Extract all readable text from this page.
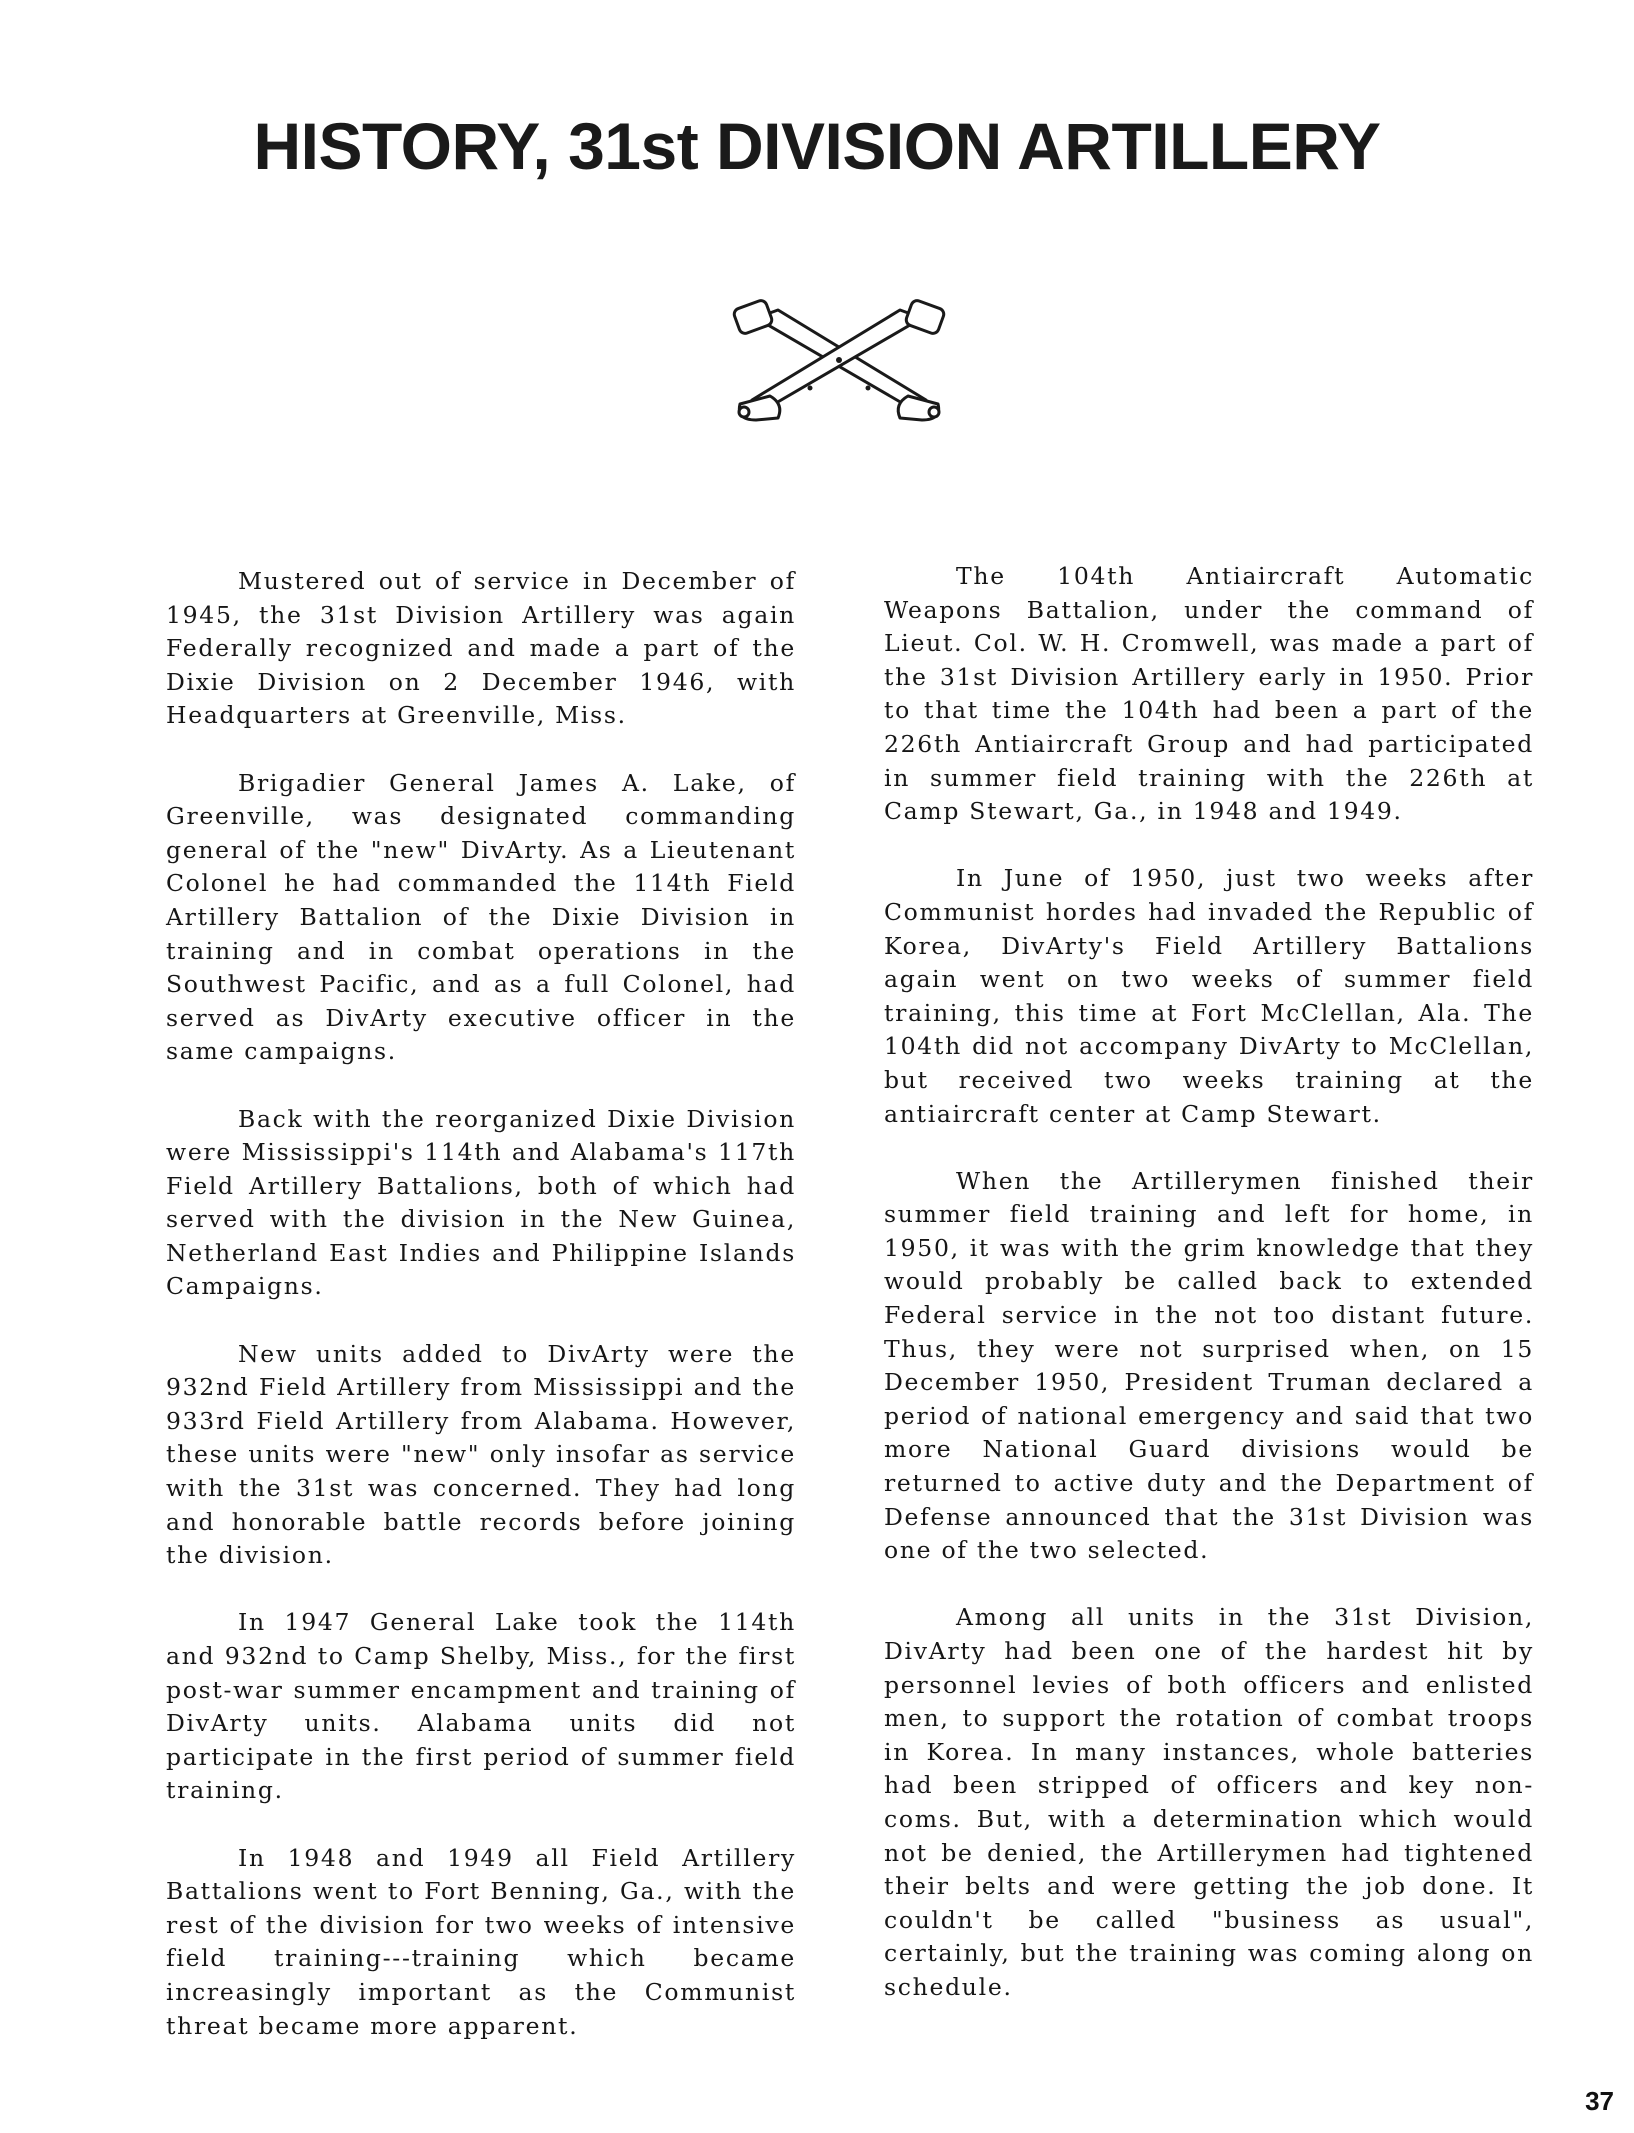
HISTORY, 31st DIVISION ARTILLERY

Mustered out of service in December of 1945, the 31st Division Artillery was again Federally recognized and made a part of the Dixie Division on 2 December 1946, with Headquarters at Greenville, Miss.

Brigadier General James A. Lake, of Greenville, was designated commanding general of the "new" DivArty. As a Lieutenant Colonel he had commanded the 114th Field Artillery Battalion of the Dixie Division in training and in combat operations in the Southwest Pacific, and as a full Colonel, had served as DivArty executive officer in the same campaigns.

Back with the reorganized Dixie Division were Mississippi's 114th and Alabama's 117th Field Artillery Battalions, both of which had served with the division in the New Guinea, Netherland East Indies and Philippine Islands Campaigns.

New units added to DivArty were the 932nd Field Artillery from Mississippi and the 933rd Field Artillery from Alabama. However, these units were "new" only insofar as service with the 31st was concerned. They had long and honorable battle records before joining the division.

In 1947 General Lake took the 114th and 932nd to Camp Shelby, Miss., for the first post-war summer encampment and training of DivArty units. Alabama units did not participate in the first period of summer field training.

In 1948 and 1949 all Field Artillery Battalions went to Fort Benning, Ga., with the rest of the division for two weeks of intensive field training---training which became increasingly important as the Communist threat became more apparent.

The 104th Antiaircraft Automatic Weapons Battalion, under the command of Lieut. Col. W. H. Cromwell, was made a part of the 31st Division Artillery early in 1950. Prior to that time the 104th had been a part of the 226th Antiaircraft Group and had participated in summer field training with the 226th at Camp Stewart, Ga., in 1948 and 1949.

In June of 1950, just two weeks after Communist hordes had invaded the Republic of Korea, DivArty's Field Artillery Battalions again went on two weeks of summer field training, this time at Fort McClellan, Ala. The 104th did not accompany DivArty to McClellan, but received two weeks training at the antiaircraft center at Camp Stewart.

When the Artillerymen finished their summer field training and left for home, in 1950, it was with the grim knowledge that they would probably be called back to extended Federal service in the not too distant future. Thus, they were not surprised when, on 15 December 1950, President Truman declared a period of national emergency and said that two more National Guard divisions would be returned to active duty and the Department of Defense announced that the 31st Division was one of the two selected.

Among all units in the 31st Division, DivArty had been one of the hardest hit by personnel levies of both officers and enlisted men, to support the rotation of combat troops in Korea. In many instances, whole batteries had been stripped of officers and key non-coms. But, with a determination which would not be denied, the Artillerymen had tightened their belts and were getting the job done. It couldn't be called "business as usual", certainly, but the training was coming along on schedule.

37
